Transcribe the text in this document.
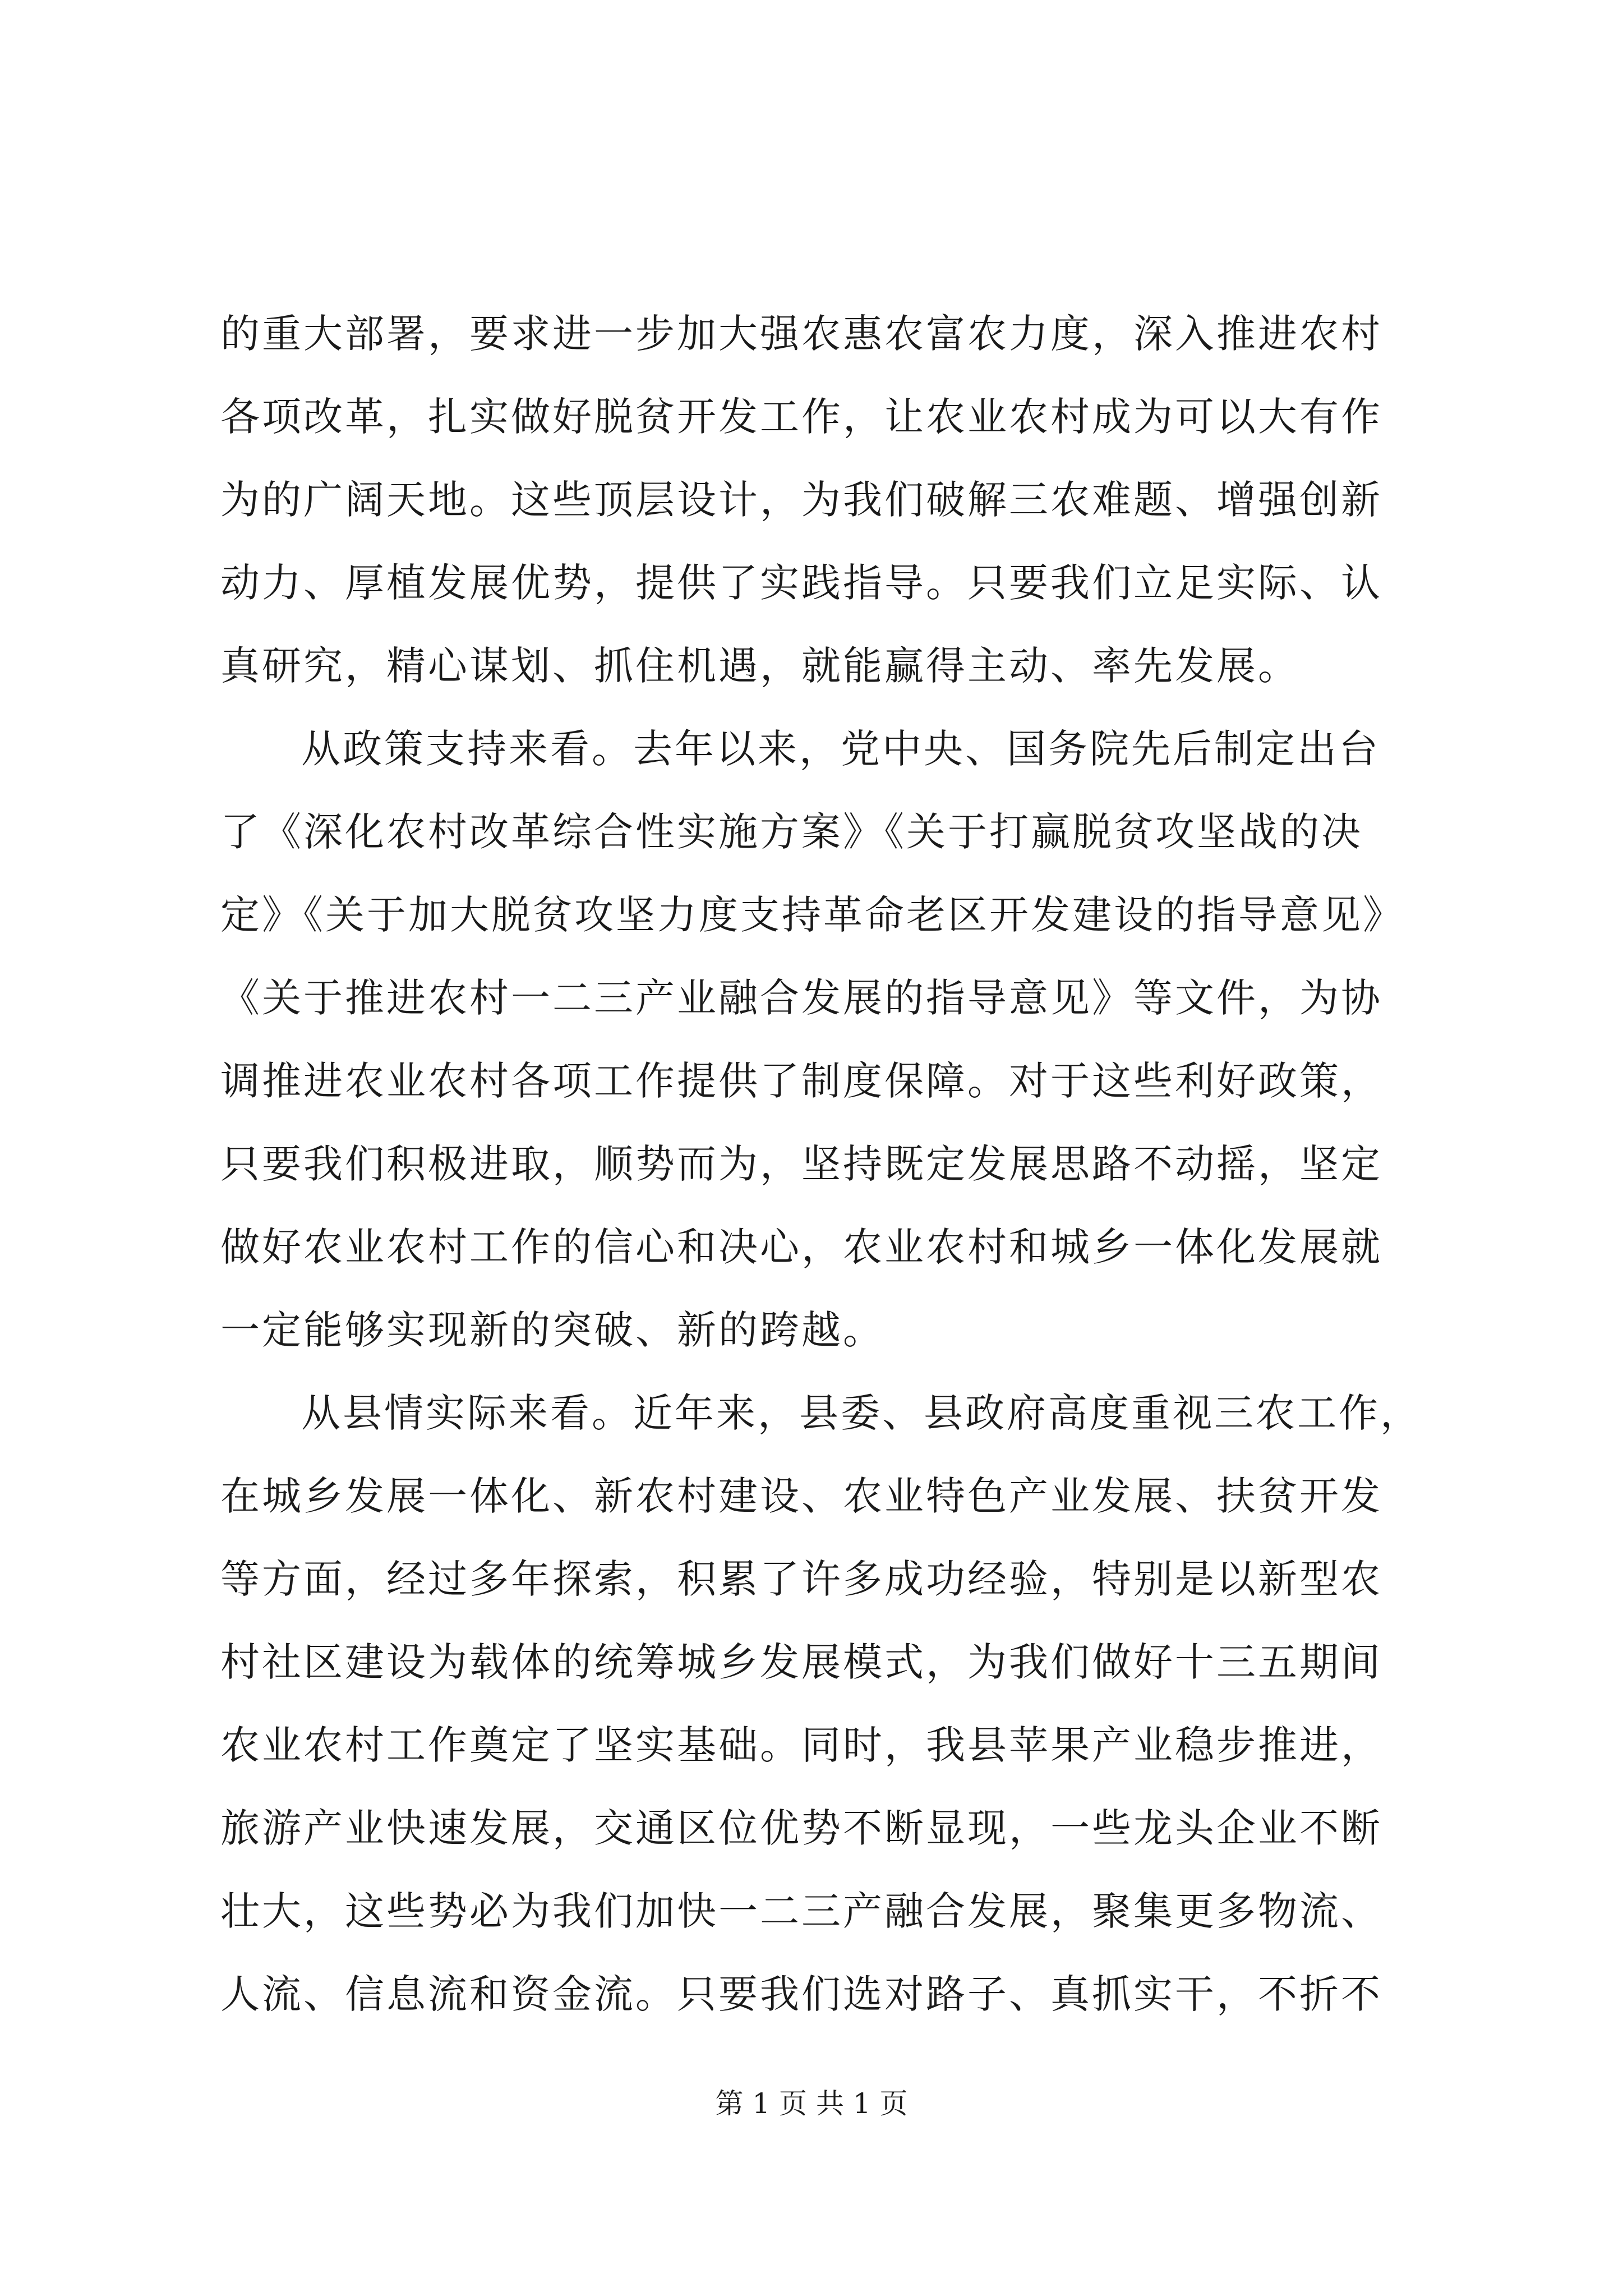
的重大部署，要求进一步加大强农惠农富农力度，深入推进农村
各项改革，扎实做好脱贫开发工作，让农业农村成为可以大有作
为的广阔天地。这些顶层设计，为我们破解三农难题、增强创新
动力、厚植发展优势，提供了实践指导。只要我们立足实际、认
真研究，精心谋划、抓住机遇，就能赢得主动、率先发展。
从政策支持来看。去年以来，党中央、国务院先后制定出台
了《深化农村改革综合性实施方案》《关于打赢脱贫攻坚战的决
定》《关于加大脱贫攻坚力度支持革命老区开发建设的指导意见》
《关于推进农村一二三产业融合发展的指导意见》等文件，为协
调推进农业农村各项工作提供了制度保障。对于这些利好政策，
只要我们积极进取，顺势而为，坚持既定发展思路不动摇，坚定
做好农业农村工作的信心和决心，农业农村和城乡一体化发展就
一定能够实现新的突破、新的跨越。
从县情实际来看。近年来，县委、县政府高度重视三农工作，
在城乡发展一体化、新农村建设、农业特色产业发展、扶贫开发
等方面，经过多年探索，积累了许多成功经验，特别是以新型农
村社区建设为载体的统筹城乡发展模式，为我们做好十三五期间
农业农村工作奠定了坚实基础。同时，我县苹果产业稳步推进，
旅游产业快速发展，交通区位优势不断显现，一些龙头企业不断
壮大，这些势必为我们加快一二三产融合发展，聚集更多物流、
人流、信息流和资金流。只要我们选对路子、真抓实干，不折不
第 1 页 共 1 页
